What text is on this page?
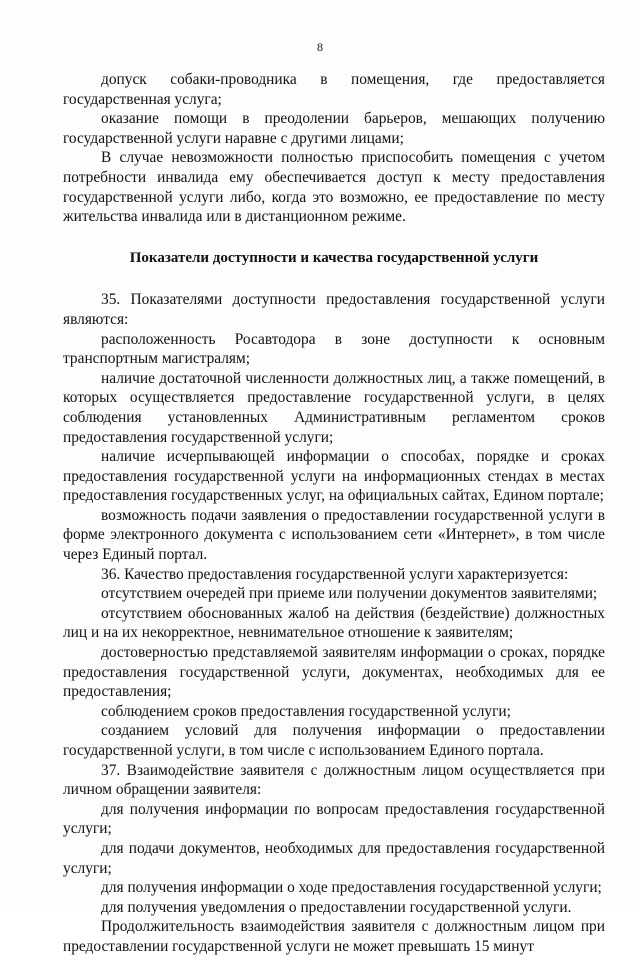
8

допуск собаки-проводника в помещения, где предоставляется государственная услуга;

оказание помощи в преодолении барьеров, мешающих получению государственной услуги наравне с другими лицами;

В случае невозможности полностью приспособить помещения с учетом потребности инвалида ему обеспечивается доступ к месту предоставления государственной услуги либо, когда это возможно, ее предоставление по месту жительства инвалида или в дистанционном режиме.

Показатели доступности и качества государственной услуги

35. Показателями доступности предоставления государственной услуги являются:

расположенность Росавтодора в зоне доступности к основным транспортным магистралям;

наличие достаточной численности должностных лиц, а также помещений, в которых осуществляется предоставление государственной услуги, в целях соблюдения установленных Административным регламентом сроков предоставления государственной услуги;

наличие исчерпывающей информации о способах, порядке и сроках предоставления государственной услуги на информационных стендах в местах предоставления государственных услуг, на официальных сайтах, Едином портале;

возможность подачи заявления о предоставлении государственной услуги в форме электронного документа с использованием сети «Интернет», в том числе через Единый портал.

36. Качество предоставления государственной услуги характеризуется:

отсутствием очередей при приеме или получении документов заявителями;

отсутствием обоснованных жалоб на действия (бездействие) должностных лиц и на их некорректное, невнимательное отношение к заявителям;

достоверностью представляемой заявителям информации о сроках, порядке предоставления государственной услуги, документах, необходимых для ее предоставления;

соблюдением сроков предоставления государственной услуги;

созданием условий для получения информации о предоставлении государственной услуги, в том числе с использованием Единого портала.

37. Взаимодействие заявителя с должностным лицом осуществляется при личном обращении заявителя:

для получения информации по вопросам предоставления государственной услуги;

для подачи документов, необходимых для предоставления государственной услуги;

для получения информации о ходе предоставления государственной услуги;

для получения уведомления о предоставлении государственной услуги.

Продолжительность взаимодействия заявителя с должностным лицом при предоставлении государственной услуги не может превышать 15 минут
